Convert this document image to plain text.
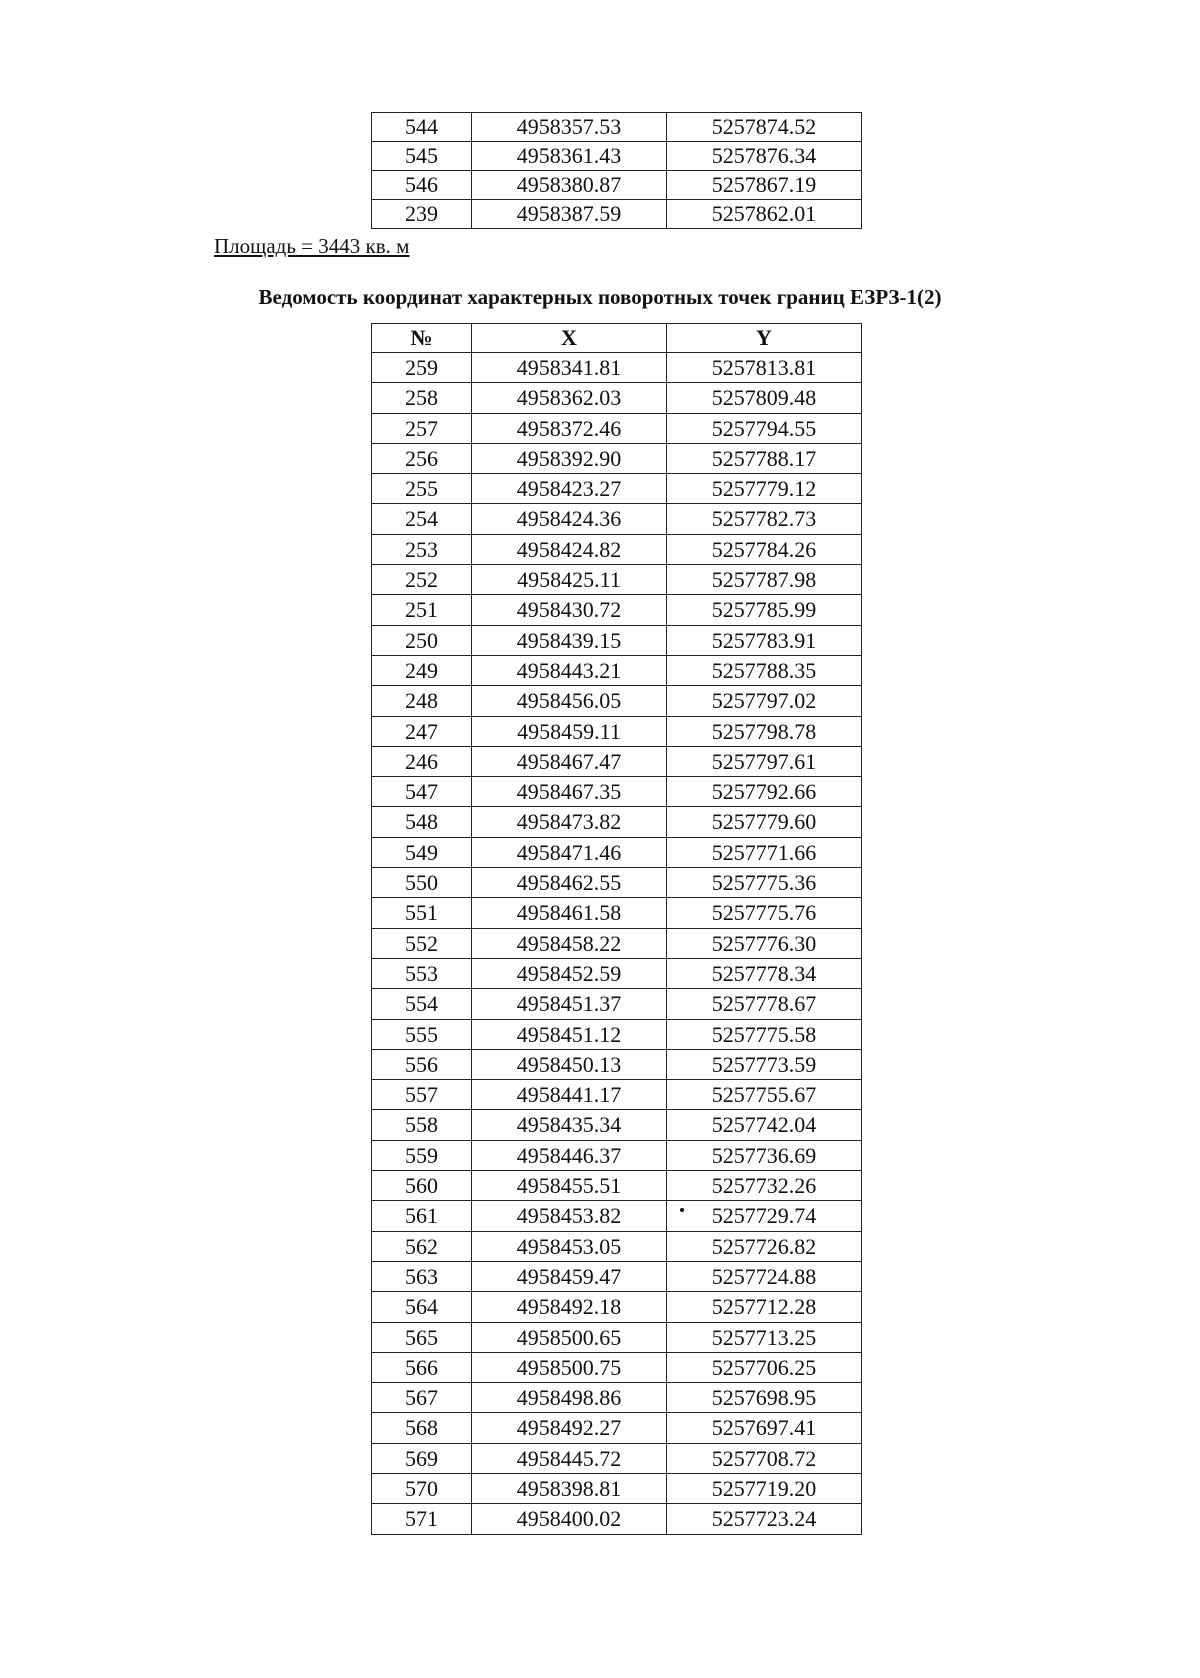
544	4958357.53	5257874.52
545	4958361.43	5257876.34
546	4958380.87	5257867.19
239	4958387.59	5257862.01
Площадь = 3443 кв. м
Ведомость координат характерных поворотных точек границ ЕЗРЗ-1(2)
№	X	Y
259	4958341.81	5257813.81
258	4958362.03	5257809.48
257	4958372.46	5257794.55
256	4958392.90	5257788.17
255	4958423.27	5257779.12
254	4958424.36	5257782.73
253	4958424.82	5257784.26
252	4958425.11	5257787.98
251	4958430.72	5257785.99
250	4958439.15	5257783.91
249	4958443.21	5257788.35
248	4958456.05	5257797.02
247	4958459.11	5257798.78
246	4958467.47	5257797.61
547	4958467.35	5257792.66
548	4958473.82	5257779.60
549	4958471.46	5257771.66
550	4958462.55	5257775.36
551	4958461.58	5257775.76
552	4958458.22	5257776.30
553	4958452.59	5257778.34
554	4958451.37	5257778.67
555	4958451.12	5257775.58
556	4958450.13	5257773.59
557	4958441.17	5257755.67
558	4958435.34	5257742.04
559	4958446.37	5257736.69
560	4958455.51	5257732.26
561	4958453.82	5257729.74
562	4958453.05	5257726.82
563	4958459.47	5257724.88
564	4958492.18	5257712.28
565	4958500.65	5257713.25
566	4958500.75	5257706.25
567	4958498.86	5257698.95
568	4958492.27	5257697.41
569	4958445.72	5257708.72
570	4958398.81	5257719.20
571	4958400.02	5257723.24
